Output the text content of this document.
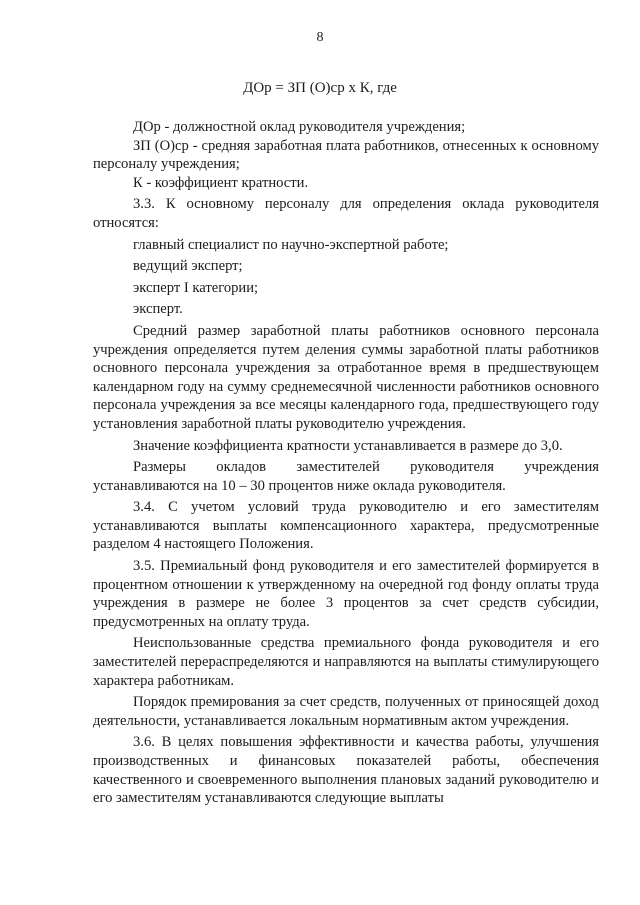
8
ДОр = ЗП (О)ср х К, где

ДОр - должностной оклад руководителя учреждения;

ЗП (О)ср - средняя заработная плата работников, отнесенных к основному персоналу учреждения;

К - коэффициент кратности.

3.3. К основному персоналу для определения оклада руководителя относятся:

главный специалист по научно-экспертной работе;

ведущий эксперт;

эксперт I категории;

эксперт.

Средний размер заработной платы работников основного персонала учреждения определяется путем деления суммы заработной платы работников основного персонала учреждения за отработанное время в предшествующем календарном году на сумму среднемесячной численности работников основного персонала учреждения за все месяцы календарного года, предшествующего году установления заработной платы руководителю учреждения.

Значение коэффициента кратности устанавливается в размере до 3,0.

Размеры окладов заместителей руководителя учреждения устанавливаются на 10 – 30 процентов ниже оклада руководителя.

3.4. С учетом условий труда руководителю и его заместителям устанавливаются выплаты компенсационного характера, предусмотренные разделом 4 настоящего Положения.

3.5. Премиальный фонд руководителя и его заместителей формируется в процентном отношении к утвержденному на очередной год фонду оплаты труда учреждения в размере не более 3 процентов за счет средств субсидии, предусмотренных на оплату труда.

Неиспользованные средства премиального фонда руководителя и его заместителей перераспределяются и направляются на выплаты стимулирующего характера работникам.

Порядок премирования за счет средств, полученных от приносящей доход деятельности, устанавливается локальным нормативным актом учреждения.

3.6. В целях повышения эффективности и качества работы, улучшения производственных и финансовых показателей работы, обеспечения качественного и своевременного выполнения плановых заданий руководителю и его заместителям устанавливаются следующие выплаты
